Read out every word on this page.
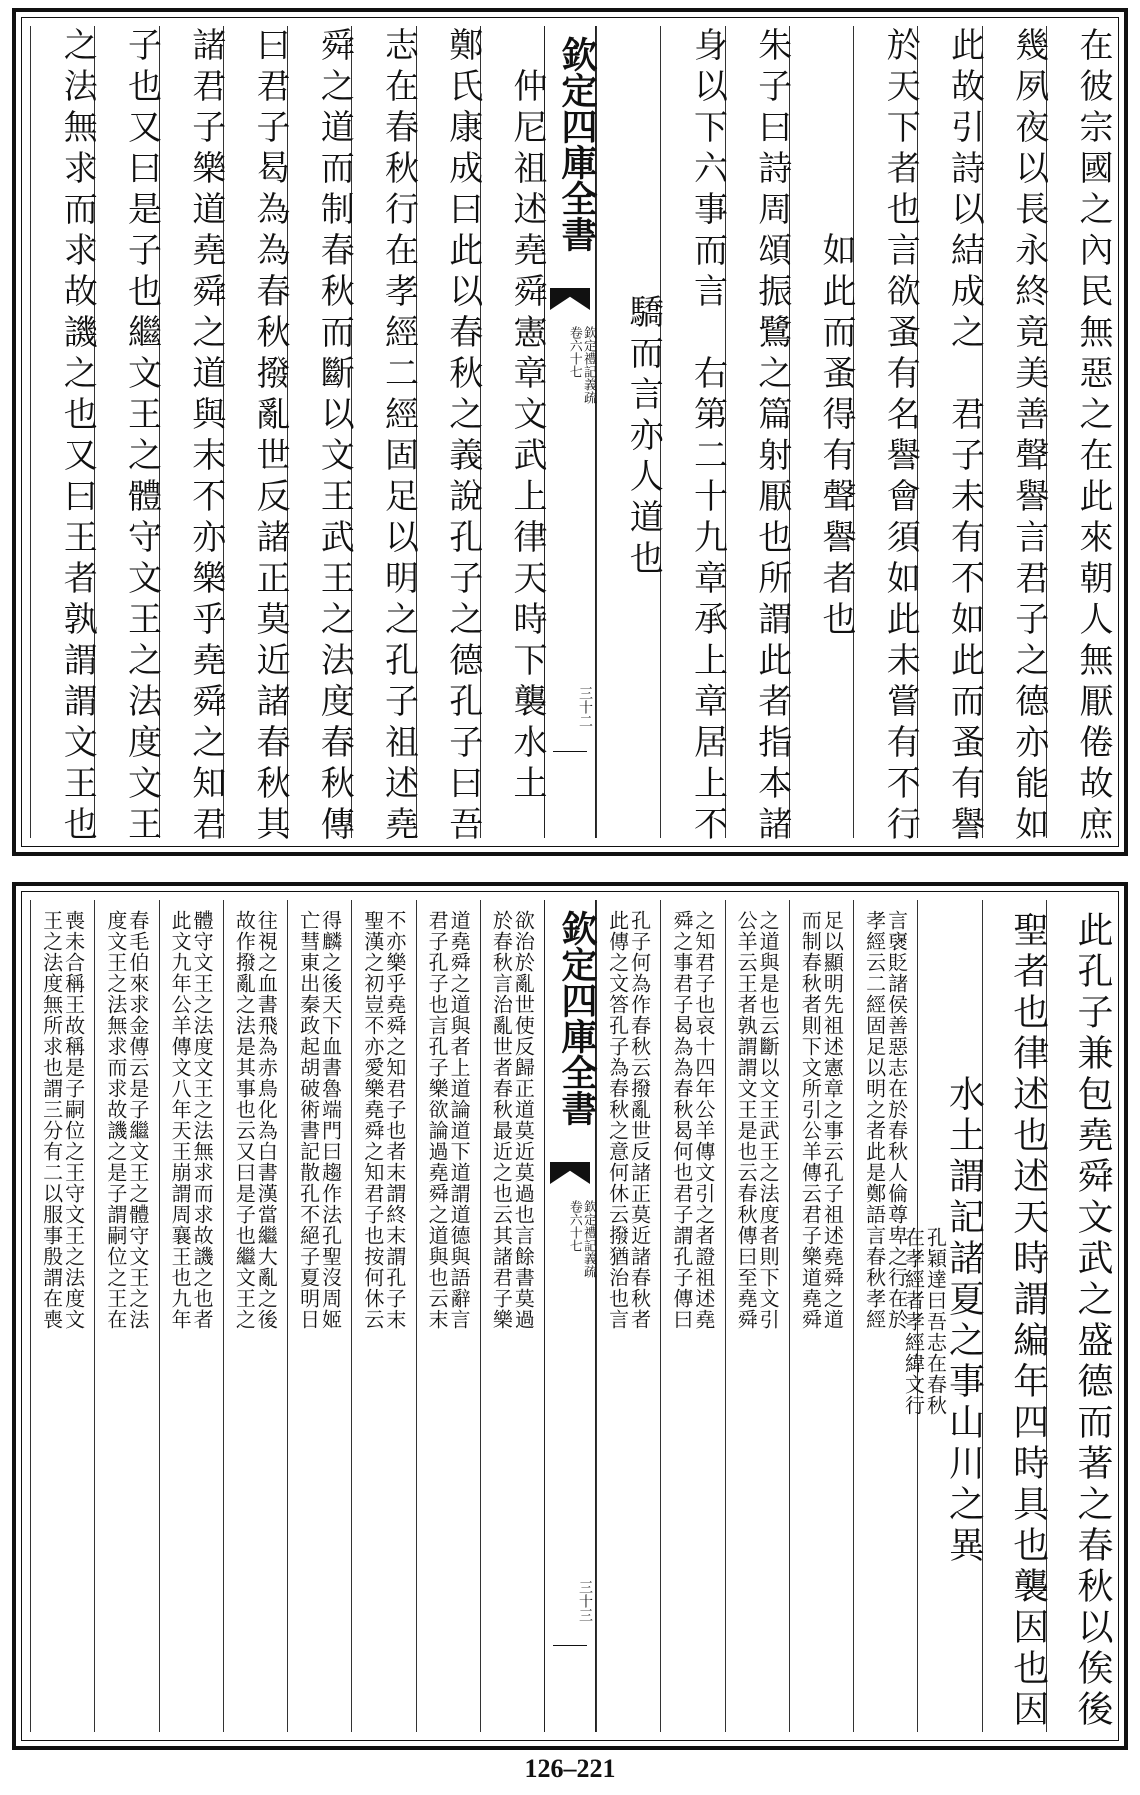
在彼宗國之內民無惡之在此來朝人無厭倦故庶
幾夙夜以長永終竟美善聲譽言君子之德亦能如
此故引詩以結成之　君子未有不如此而蚤有譽
於天下者也言欲蚤有名譽會須如此未嘗有不行
如此而蚤得有聲譽者也
朱子曰詩周頌振鷺之篇射厭也所謂此者指本諸
身以下六事而言　右第二十九章承上章居上不
驕而言亦人道也
欽定四庫全書
欽定禮記義疏
卷六十七
三十二
仲尼祖述堯舜憲章文武上律天時下襲水土
鄭氏康成曰此以春秋之義說孔子之德孔子曰吾
志在春秋行在孝經二經固足以明之孔子祖述堯
舜之道而制春秋而斷以文王武王之法度春秋傳
曰君子曷為為春秋撥亂世反諸正莫近諸春秋其
諸君子樂道堯舜之道與末不亦樂乎堯舜之知君
子也又曰是子也繼文王之體守文王之法度文王
之法無求而求故譏之也又曰王者孰謂謂文王也
此孔子兼包堯舜文武之盛德而著之春秋以俟後
聖者也律述也述天時謂編年四時具也襲因也因
水土謂記諸夏之事山川之異
孔穎達曰吾志在春秋
在孝經者孝經緯文行
言襃貶諸侯善惡志在於春秋人倫尊卑之行在於
孝經云二經固足以明之者此是鄭語言春秋孝經
足以顯明先祖述憲章之事云孔子祖述堯舜之道
而制春秋者則下文所引公羊傳云君子樂道堯舜
之道與是也云斷以文王武王之法度者則下文引
公羊云王者孰謂謂文王是也云春秋傳曰至堯舜
之知君子也哀十四年公羊傳文引之者證祖述堯
舜之事君子曷為為春秋曷何也君子謂孔子傳曰
孔子何為作春秋云撥亂世反諸正莫近諸春秋者
此傳之文答孔子為春秋之意何休云撥猶治也言
欽定四庫全書
欽定禮記義疏
卷六十七
三十三
欲治於亂世使反歸正道莫近莫過也言餘書莫過
於春秋言治亂世者春秋最近之也云其諸君子樂
道堯舜之道與者上道論道下道謂道德與語辭言
君子孔子也言孔子樂欲論過堯舜之道與也云末
不亦樂乎堯舜之知君子也者末謂終末謂孔子末
聖漢之初豈不亦愛樂堯舜之知君子也按何休云
得麟之後天下血書魯端門曰趨作法孔聖沒周姬
亡彗東出秦政起胡破術書記散孔不絕子夏明日
往視之血書飛為赤鳥化為白書漢當繼大亂之後
故作撥亂之法是其事也云又曰是子也繼文王之
體守文王之法度文王之法無求而求故譏之也者
此文九年公羊傳文八年天王崩謂周襄王也九年
春毛伯來求金傳云是子繼文王之體守文王之法
度文王之法無求而求故譏之是子謂嗣位之王在
喪未合稱王故稱是子嗣位之王守文王之法度文
王之法度無所求也謂三分有二以服事殷謂在喪
126–221
